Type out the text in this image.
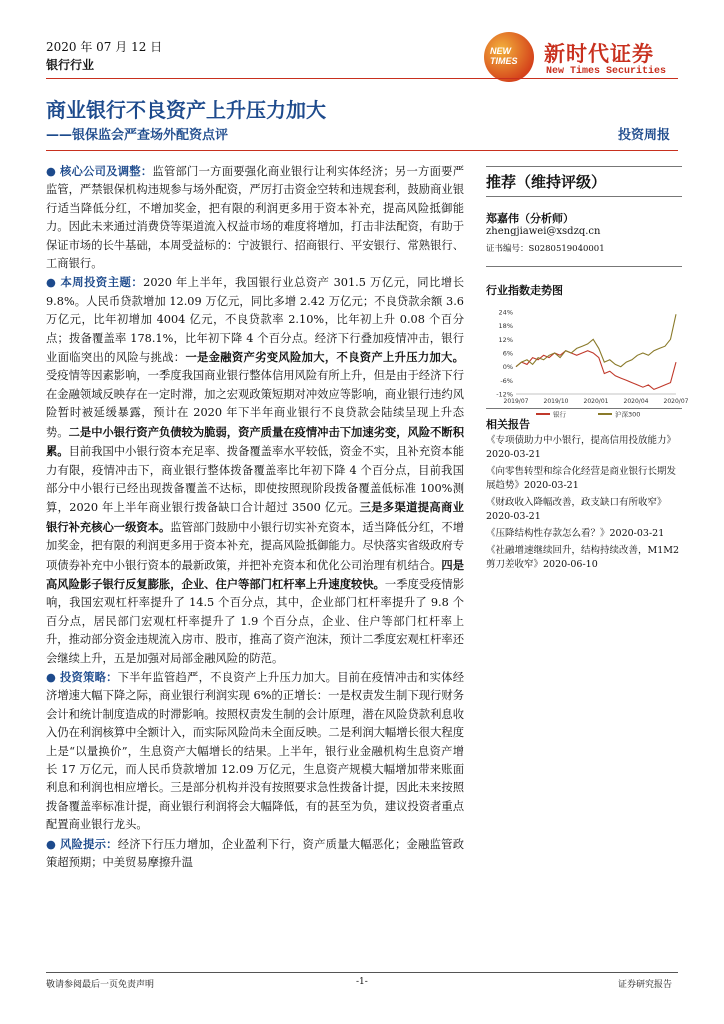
2020 年 07 月 12 日
银行行业
NEW
TIMES 新时代证券
New Times Securities
商业银行不良资产上升压力加大
——银保监会严查场外配资点评	投资周报

● 核心公司及调整：监管部门一方面要强化商业银行让利实体经济；另一方面要严监管，严禁银保机构违规参与场外配资，严厉打击资金空转和违规套利，鼓励商业银行适当降低分红，不增加奖金，把有限的利润更多用于资本补充，提高风险抵御能力。因此未来通过消费贷等渠道流入权益市场的难度将增加，打击非法配资，有助于保证市场的长牛基础，本周受益标的：宁波银行、招商银行、平安银行、常熟银行、工商银行。

● 本周投资主题：2020 年上半年，我国银行业总资产 301.5 万亿元，同比增长 9.8%。人民币贷款增加 12.09 万亿元，同比多增 2.42 万亿元；不良贷款余额 3.6 万亿元，比年初增加 4004 亿元，不良贷款率 2.10%，比年初上升 0.08 个百分点；拨备覆盖率 178.1%，比年初下降 4 个百分点。经济下行叠加疫情冲击，银行业面临突出的风险与挑战：一是金融资产劣变风险加大，不良资产上升压力加大。受疫情等因素影响，一季度我国商业银行整体信用风险有所上升，但是由于经济下行在金融领域反映存在一定时滞，加之宏观政策短期对冲效应等影响，商业银行违约风险暂时被延缓暴露，预计在 2020 年下半年商业银行不良贷款会陆续呈现上升态势。二是中小银行资产负债较为脆弱，资产质量在疫情冲击下加速劣变，风险不断积累。目前我国中小银行资本充足率、拨备覆盖率水平较低，资金不实，且补充资本能力有限，疫情冲击下，商业银行整体拨备覆盖率比年初下降 4 个百分点，目前我国部分中小银行已经出现拨备覆盖不达标，即使按照现阶段拨备覆盖低标准 100%测算，2020 年上半年商业银行拨备缺口合计超过 3500 亿元。三是多渠道提高商业银行补充核心一级资本。监管部门鼓励中小银行切实补充资本，适当降低分红，不增加奖金，把有限的利润更多用于资本补充，提高风险抵御能力。尽快落实省级政府专项债券补充中小银行资本的最新政策，并把补充资本和优化公司治理有机结合。四是高风险影子银行反复膨胀，企业、住户等部门杠杆率上升速度较快。一季度受疫情影响，我国宏观杠杆率提升了 14.5 个百分点，其中，企业部门杠杆率提升了 9.8 个百分点，居民部门宏观杠杆率提升了 1.9 个百分点，企业、住户等部门杠杆率上升，推动部分资金违规流入房市、股市，推高了资产泡沫，预计二季度宏观杠杆率还会继续上升，五是加强对局部金融风险的防范。

● 投资策略：下半年监管趋严，不良资产上升压力加大。目前在疫情冲击和实体经济增速大幅下降之际，商业银行利润实现 6%的正增长：一是权责发生制下现行财务会计和统计制度造成的时滞影响。按照权责发生制的会计原理，潜在风险贷款利息收入仍在利润核算中全额计入，而实际风险尚未全面反映。二是利润大幅增长很大程度上是“以量换价”，生息资产大幅增长的结果。上半年，银行业金融机构生息资产增长 17 万亿元，而人民币贷款增加 12.09 万亿元，生息资产规模大幅增加带来账面利息和利润也相应增长。三是部分机构并没有按照要求急性拨备计提，因此未来按照拨备覆盖率标准计提，商业银行利润将会大幅降低，有的甚至为负，建议投资者重点配置商业银行龙头。

● 风险提示：经济下行压力增加，企业盈利下行，资产质量大幅恶化；金融监管政策超预期；中美贸易摩擦升温

推荐（维持评级）
郑嘉伟（分析师）
zhengjiawei@xsdzq.cn
证书编号：S0280519040001
行业指数走势图
24%
18%
12%
6%
0%
-6%
-12%
2019/07	2019/10	2020/01	2020/04	2020/07
银行	沪深300
相关报告
《专项债助力中小银行，提高信用投放能力》2020-03-21
《向零售转型和综合化经营是商业银行长期发展趋势》2020-03-21
《财政收入降幅改善，政支缺口有所收窄》2020-03-21
《压降结构性存款怎么看？》2020-03-21
《社融增速继续回升，结构持续改善，M1M2 剪刀差收窄》2020-06-10
敬请参阅最后一页免责声明	-1-	证券研究报告
